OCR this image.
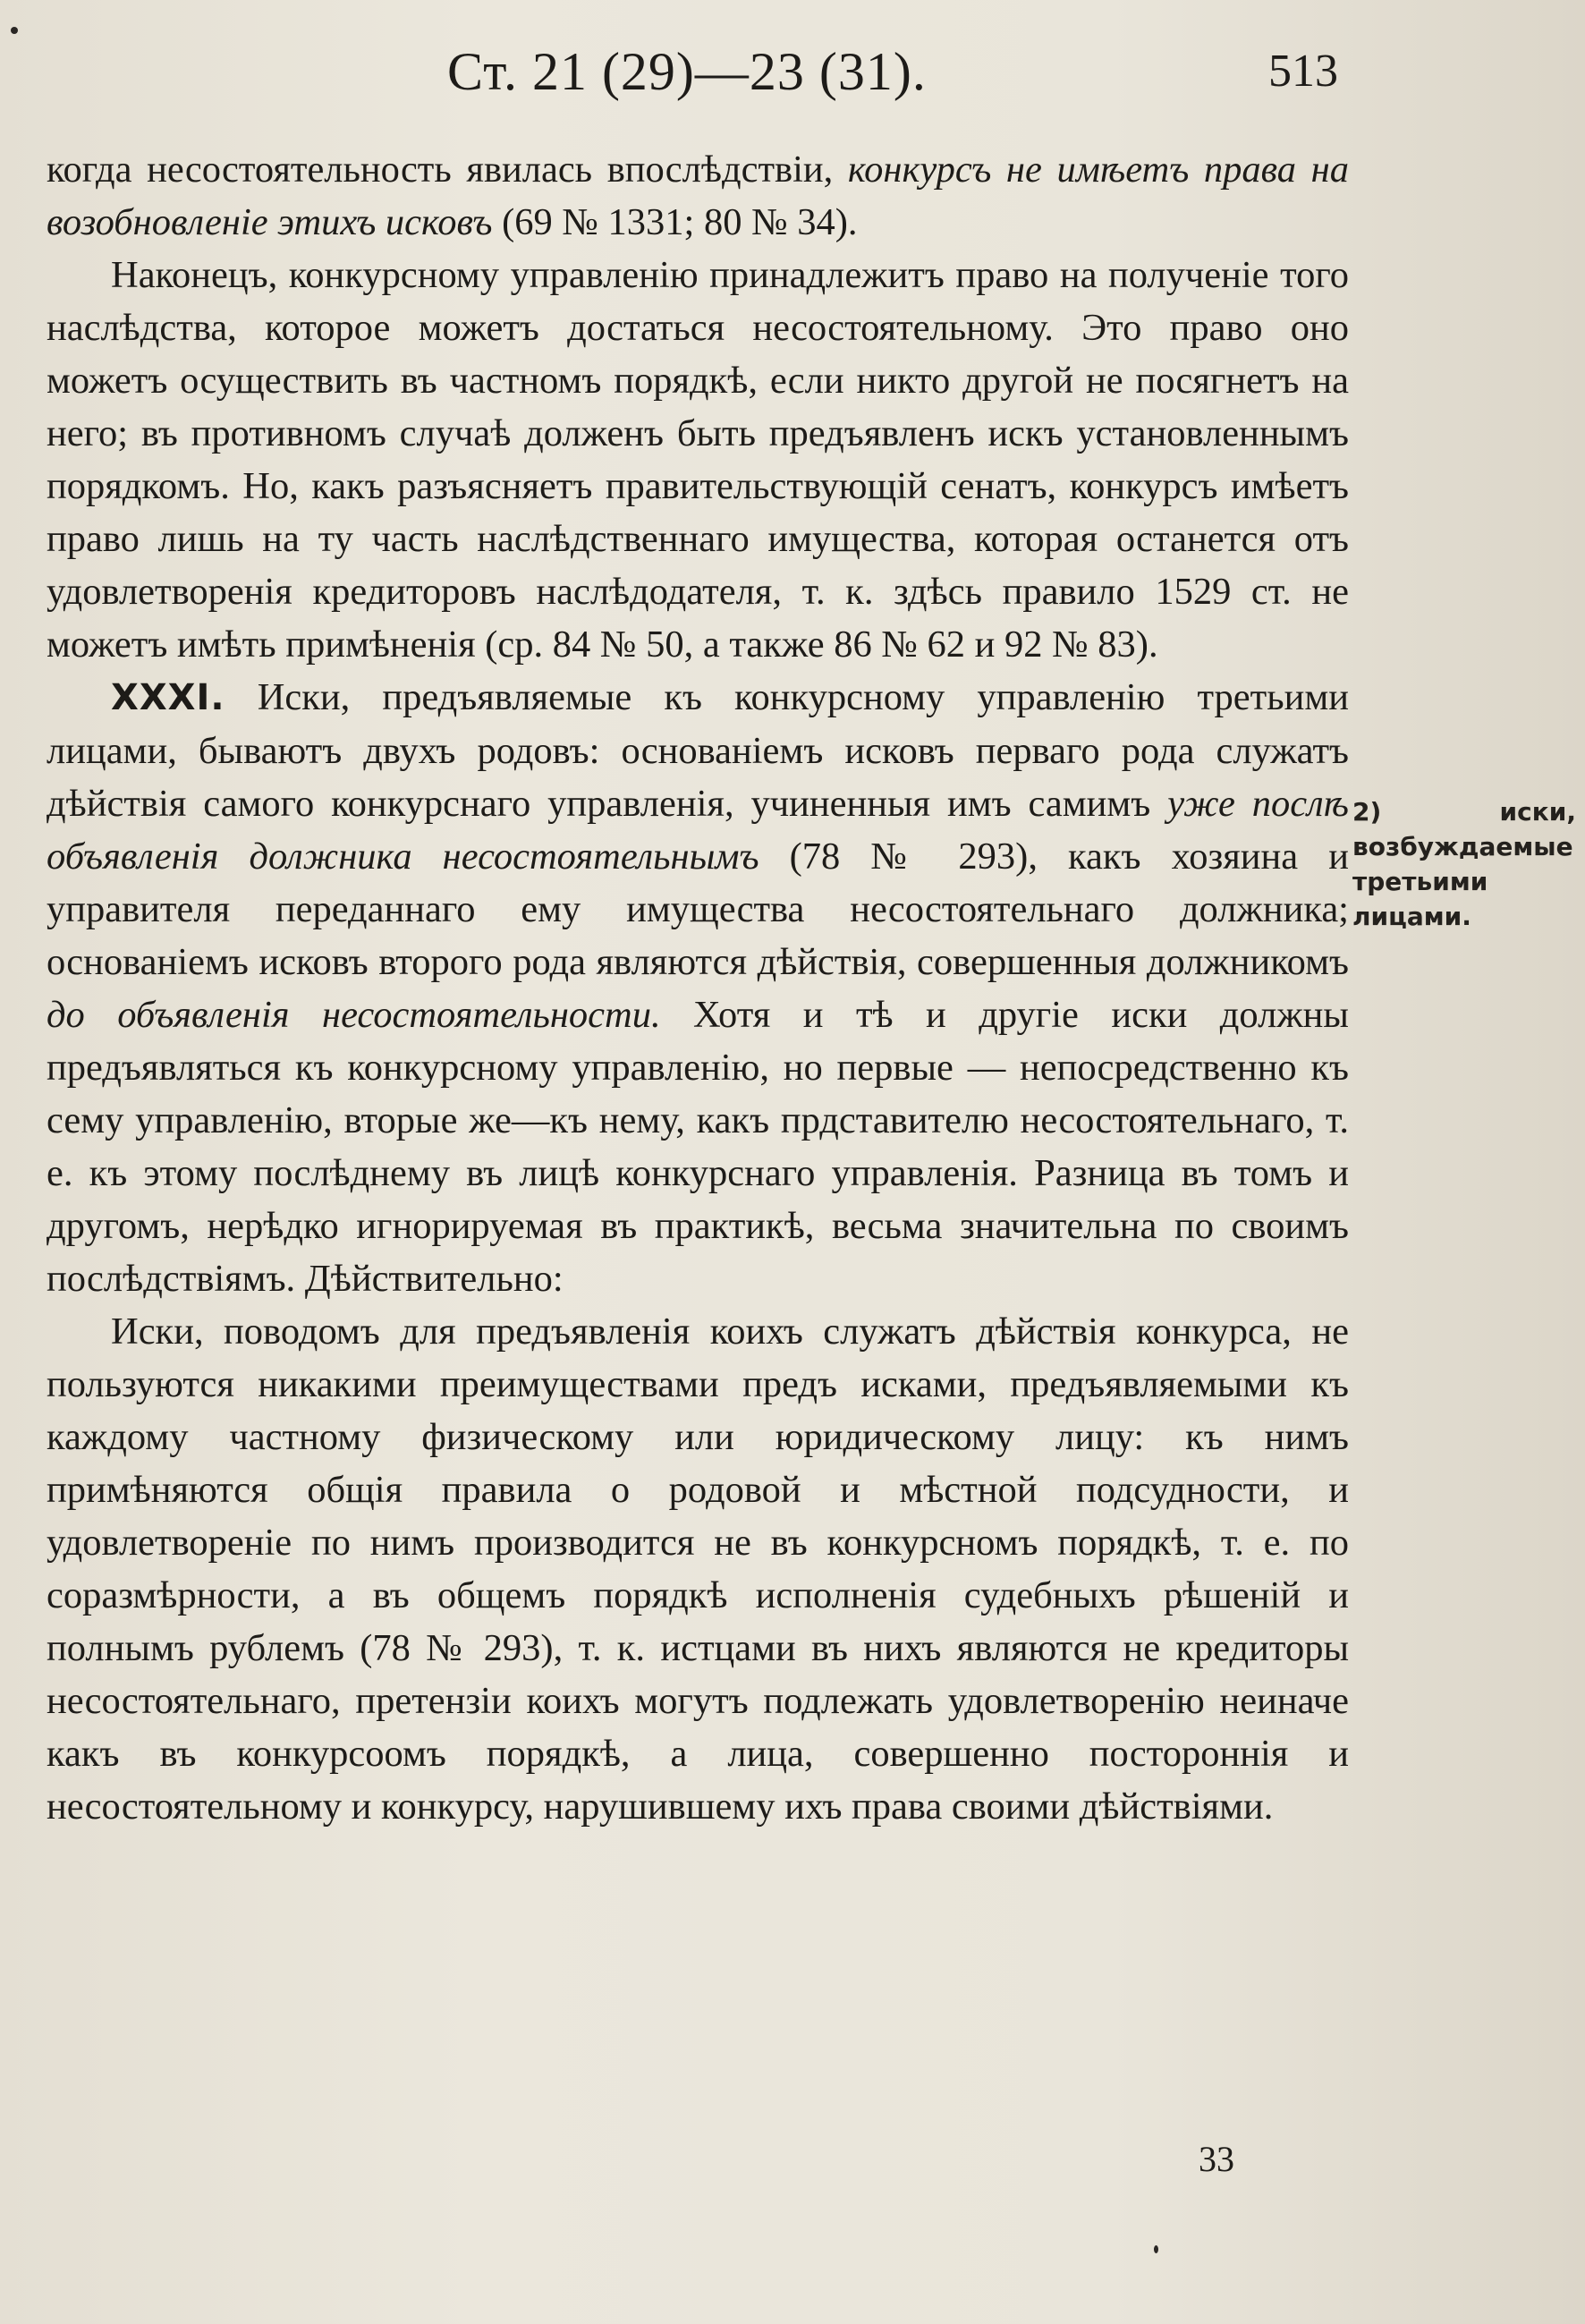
Ст. 21 (29)—23 (31).	513

когда несостоятельность явилась впослѣдствіи, конкурсъ не имѣетъ права на возобновленіе этихъ исковъ (69 № 1331; 80 № 34).

Наконецъ, конкурсному управленію принадлежитъ право на полученіе того наслѣдства, которое можетъ достаться несостоятельному. Это право оно можетъ осуществить въ частномъ порядкѣ, если никто другой не посягнетъ на него; въ противномъ случаѣ долженъ быть предъявленъ искъ установленнымъ порядкомъ. Но, какъ разъясняетъ правительствующій сенатъ, конкурсъ имѣетъ право лишь на ту часть наслѣдственнаго имущества, которая останется отъ удовлетворенія кредиторовъ наслѣдодателя, т. к. здѣсь правило 1529 ст. не можетъ имѣть примѣненія (ср. 84 № 50, а также 86 № 62 и 92 № 83).

XXXI. Иски, предъявляемые къ конкурсному управленію третьими лицами, бываютъ двухъ родовъ: основаніемъ исковъ перваго рода служатъ дѣйствія самого конкурснаго управленія, учиненныя имъ самимъ уже послѣ объявленія должника несостоятельнымъ (78 № 293), какъ хозяина и управителя переданнаго ему имущества несостоятельнаго должника; основаніемъ исковъ второго рода являются дѣйствія, совершенныя должникомъ до объявленія несостоятельности. Хотя и тѣ и другіе иски должны предъявляться къ конкурсному управленію, но первые — непосредственно къ сему управленію, вторые же—къ нему, какъ прдставителю несостоятельнаго, т. е. къ этому послѣднему въ лицѣ конкурснаго управленія. Разница въ томъ и другомъ, нерѣдко игнорируемая въ практикѣ, весьма значительна по своимъ послѣдствіямъ. Дѣйствительно:

Иски, поводомъ для предъявленія коихъ служатъ дѣйствія конкурса, не пользуются никакими преимуществами предъ исками, предъявляемыми къ каждому частному физическому или юридическому лицу: къ нимъ примѣняются общія правила о родовой и мѣстной подсудности, и удовлетвореніе по нимъ производится не въ конкурсномъ порядкѣ, т. е. по соразмѣрности, а въ общемъ порядкѣ исполненія судебныхъ рѣшеній и полнымъ рублемъ (78 № 293), т. к. истцами въ нихъ являются не кредиторы несостоятельнаго, претензіи коихъ могутъ подлежать удовлетворенію неиначе какъ въ конкурсоомъ порядкѣ, а лица, совершенно постороннія и несостоятельному и конкурсу, нарушившему ихъ права своими дѣйствіями.

2) иски, возбуждаемые третьими лицами.
33
